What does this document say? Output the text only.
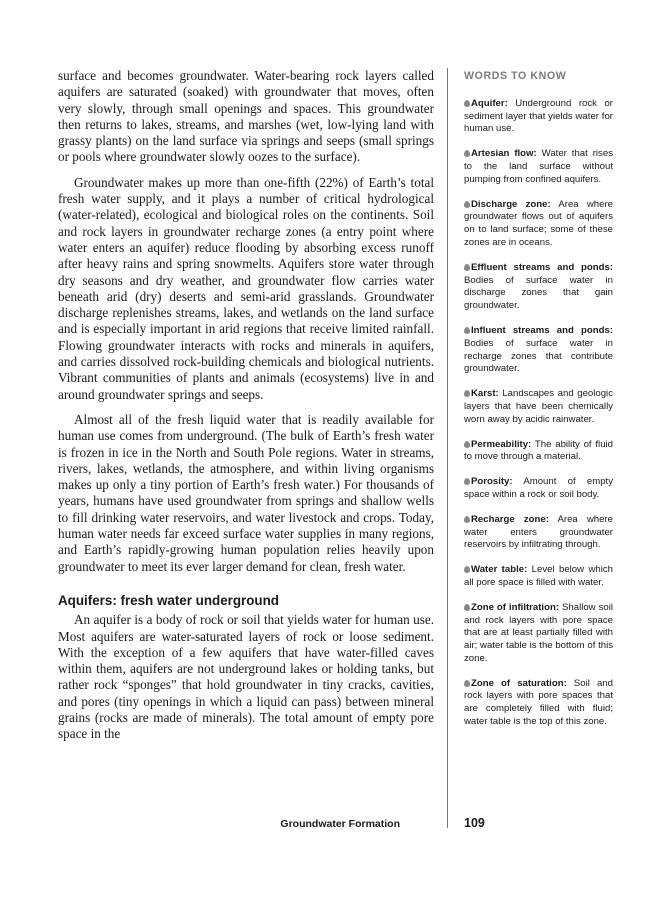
surface and becomes groundwater. Water-bearing rock layers called aquifers are saturated (soaked) with groundwater that moves, often very slowly, through small openings and spaces. This groundwater then returns to lakes, streams, and marshes (wet, low-lying land with grassy plants) on the land surface via springs and seeps (small springs or pools where groundwater slowly oozes to the surface).

Groundwater makes up more than one-fifth (22%) of Earth’s total fresh water supply, and it plays a number of critical hydrological (water-related), ecological and biological roles on the continents. Soil and rock layers in groundwater recharge zones (a entry point where water enters an aquifer) reduce flooding by absorbing excess runoff after heavy rains and spring snowmelts. Aquifers store water through dry seasons and dry weather, and groundwater flow carries water beneath arid (dry) deserts and semi-arid grasslands. Groundwater discharge replenishes streams, lakes, and wetlands on the land surface and is especially important in arid regions that receive limited rainfall. Flowing groundwater interacts with rocks and minerals in aquifers, and carries dissolved rock-building chemicals and biological nutrients. Vibrant communities of plants and animals (ecosystems) live in and around groundwater springs and seeps.

Almost all of the fresh liquid water that is readily available for human use comes from underground. (The bulk of Earth’s fresh water is frozen in ice in the North and South Pole regions. Water in streams, rivers, lakes, wetlands, the atmosphere, and within living organisms makes up only a tiny portion of Earth’s fresh water.) For thousands of years, humans have used groundwater from springs and shallow wells to fill drinking water reservoirs, and water livestock and crops. Today, human water needs far exceed surface water supplies in many regions, and Earth’s rapidly-growing human population relies heavily upon groundwater to meet its ever larger demand for clean, fresh water.

Aquifers: fresh water underground

An aquifer is a body of rock or soil that yields water for human use. Most aquifers are water-saturated layers of rock or loose sediment. With the exception of a few aquifers that have water-filled caves within them, aquifers are not underground lakes or holding tanks, but rather rock “sponges” that hold groundwater in tiny cracks, cavities, and pores (tiny openings in which a liquid can pass) between mineral grains (rocks are made of minerals). The total amount of empty pore space in the

WORDS TO KNOW
Aquifer: Underground rock or sediment layer that yields water for human use.
Artesian flow: Water that rises to the land surface without pumping from confined aquifers.
Discharge zone: Area where groundwater flows out of aquifers on to land surface; some of these zones are in oceans.
Effluent streams and ponds: Bodies of surface water in discharge zones that gain groundwater.
Influent streams and ponds: Bodies of surface water in recharge zones that contribute groundwater.
Karst: Landscapes and geologic layers that have been chemically worn away by acidic rainwater.
Permeability: The ability of fluid to move through a material.
Porosity: Amount of empty space within a rock or soil body.
Recharge zone: Area where water enters groundwater reservoirs by infiltrating through.
Water table: Level below which all pore space is filled with water.
Zone of infiltration: Shallow soil and rock layers with pore space that are at least partially filled with air; water table is the bottom of this zone.
Zone of saturation: Soil and rock layers with pore spaces that are completely filled with fluid; water table is the top of this zone.
Groundwater Formation	109
